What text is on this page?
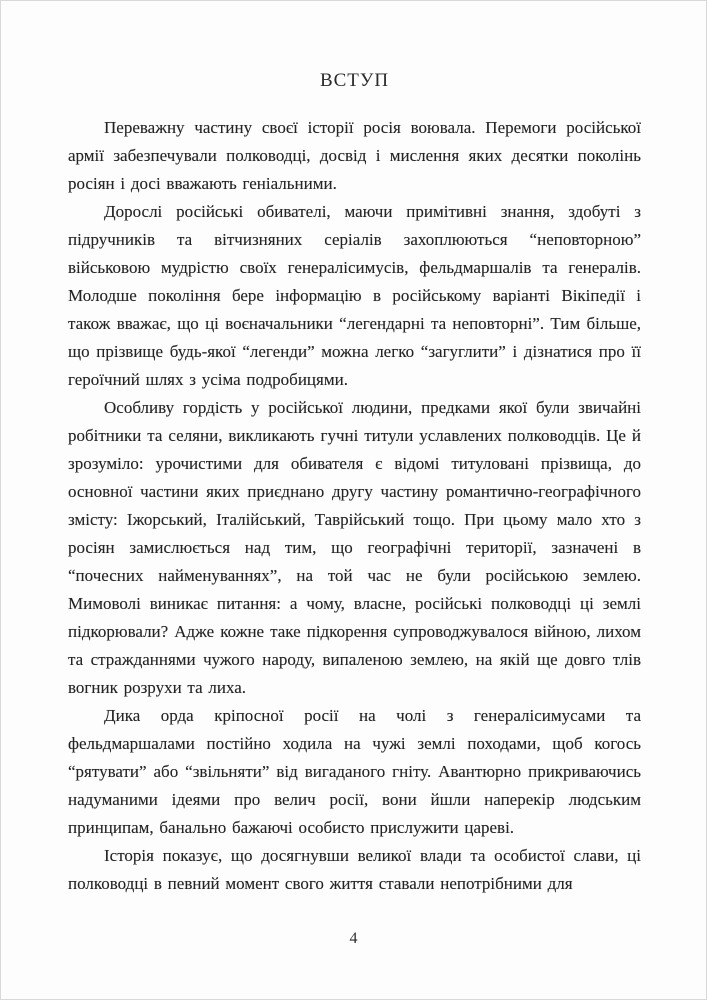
ВСТУП

Переважну частину своєї історії росія воювала. Перемоги російської армії забезпечували полководці, досвід і мислення яких десятки поколінь росіян і досі вважають геніальними.

Дорослі російські обивателі, маючи примітивні знання, здобуті з підручників та вітчизняних серіалів захоплюються “неповторною” військовою мудрістю своїх генералісимусів, фельдмаршалів та генералів. Молодше покоління бере інформацію в російському варіанті Вікіпедії і також вважає, що ці воєначальники “легендарні та неповторні”. Тим більше, що прізвище будь-якої “легенди” можна легко “загуглити” і дізнатися про її героїчний шлях з усіма подробицями.

Особливу гордість у російської людини, предками якої були звичайні робітники та селяни, викликають гучні титули уславлених полководців. Це й зрозуміло: урочистими для обивателя є відомі титуловані прізвища, до основної частини яких приєднано другу частину романтично-географічного змісту: Іжорський, Італійський, Таврійський тощо. При цьому мало хто з росіян замислюється над тим, що географічні території, зазначені в “почесних найменуваннях”, на той час не були російською землею. Мимоволі виникає питання: а чому, власне, російські полководці ці землі підкорювали? Адже кожне таке підкорення супроводжувалося війною, лихом та стражданнями чужого народу, випаленою землею, на якій ще довго тлів вогник розрухи та лиха.

Дика орда кріпосної росії на чолі з генералісимусами та фельдмаршалами постійно ходила на чужі землі походами, щоб когось “рятувати” або “звільняти” від вигаданого гніту. Авантюрно прикриваючись надуманими ідеями про велич росії, вони йшли наперекір людським принципам, банально бажаючі особисто прислужити цареві.

Історія показує, що досягнувши великої влади та особистої слави, ці полководці в певний момент свого життя ставали непотрібними для

4
